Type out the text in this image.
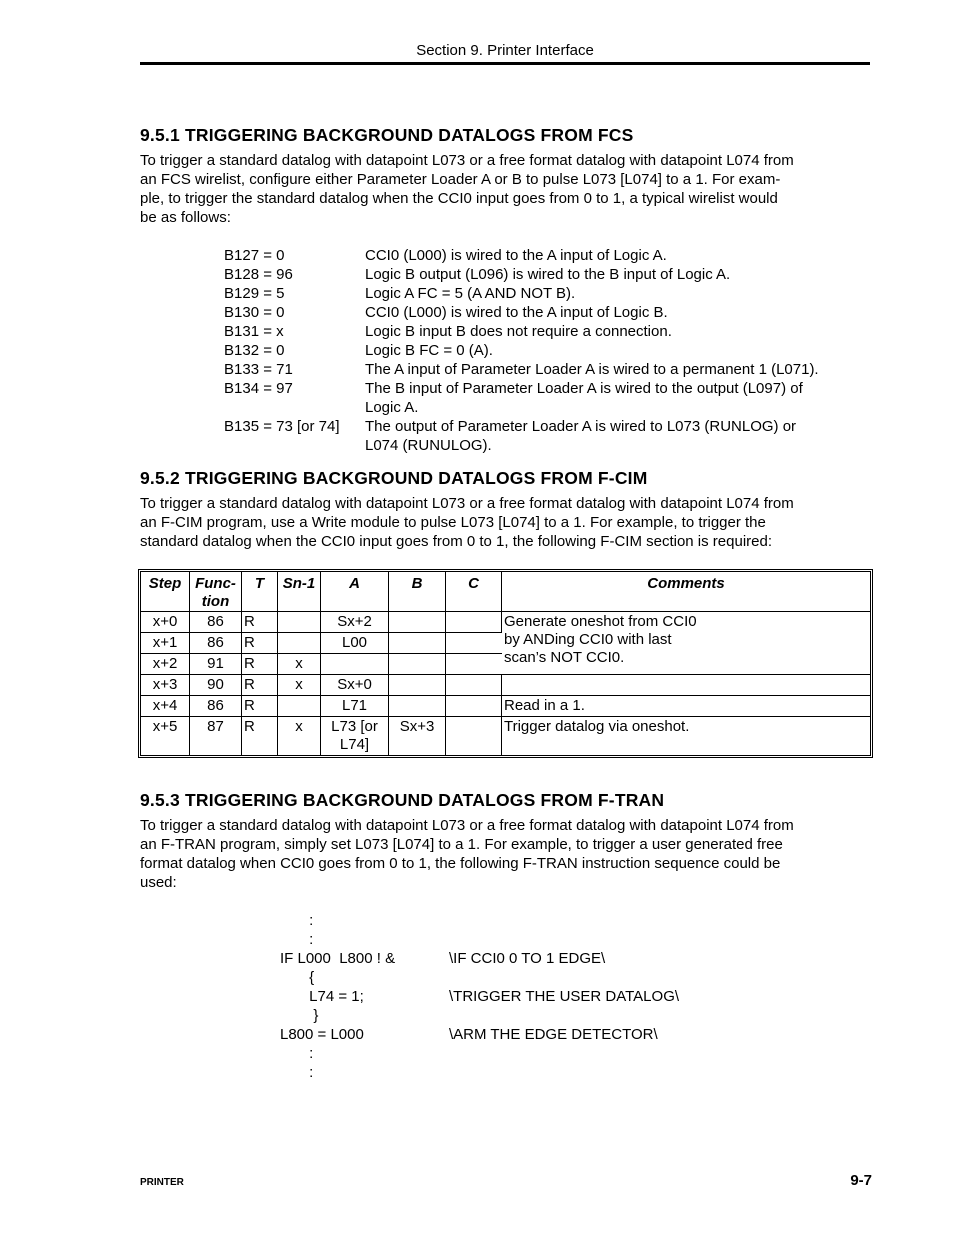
Section 9. Printer Interface
9.5.1 TRIGGERING BACKGROUND DATALOGS FROM FCS
To trigger a standard datalog with datapoint L073 or a free format datalog with datapoint L074 from
an FCS wirelist, configure either Parameter Loader A or B to pulse L073 [L074] to a 1. For exam-
ple, to trigger the standard datalog when the CCI0 input goes from 0 to 1, a typical wirelist would
be as follows:
B127 = 0	CCI0 (L000) is wired to the A input of Logic A.
B128 = 96	Logic B output (L096) is wired to the B input of Logic A.
B129 = 5	Logic A FC = 5 (A AND NOT B).
B130 = 0	CCI0 (L000) is wired to the A input of Logic B.
B131 = x	Logic B input B does not require a connection.
B132 = 0	Logic B FC = 0 (A).
B133 = 71	The A input of Parameter Loader A is wired to a permanent 1 (L071).
B134 = 97	The B input of Parameter Loader A is wired to the output (L097) of
Logic A.
B135 = 73 [or 74]	The output of Parameter Loader A is wired to L073 (RUNLOG) or
L074 (RUNULOG).
9.5.2 TRIGGERING BACKGROUND DATALOGS FROM F-CIM
To trigger a standard datalog with datapoint L073 or a free format datalog with datapoint L074 from
an F-CIM program, use a Write module to pulse L073 [L074] to a 1. For example, to trigger the
standard datalog when the CCI0 input goes from 0 to 1, the following F-CIM section is required:
Step	Func-
tion	T	Sn-1	A	B	C	Comments
x+0	86	R		Sx+2			Generate oneshot from CCI0
by ANDing CCI0 with last
scan’s NOT CCI0.
x+1	86	R		L00			
x+2	91	R	x				
x+3	90	R	x	Sx+0			
x+4	86	R		L71			Read in a 1.
x+5	87	R	x	L73 [or
L74]	Sx+3		Trigger datalog via oneshot.
9.5.3 TRIGGERING BACKGROUND DATALOGS FROM F-TRAN
To trigger a standard datalog with datapoint L073 or a free format datalog with datapoint L074 from
an F-TRAN program, simply set L073 [L074] to a 1. For example, to trigger a user generated free
format datalog when CCI0 goes from 0 to 1, the following F-TRAN instruction sequence could be
used:
:
:
IF L000  L800 ! &	\IF CCI0 0 TO 1 EDGE\
{
L74 = 1;	\TRIGGER THE USER DATALOG\
}
L800 = L000	\ARM THE EDGE DETECTOR\
:
:
PRINTER	9-7
